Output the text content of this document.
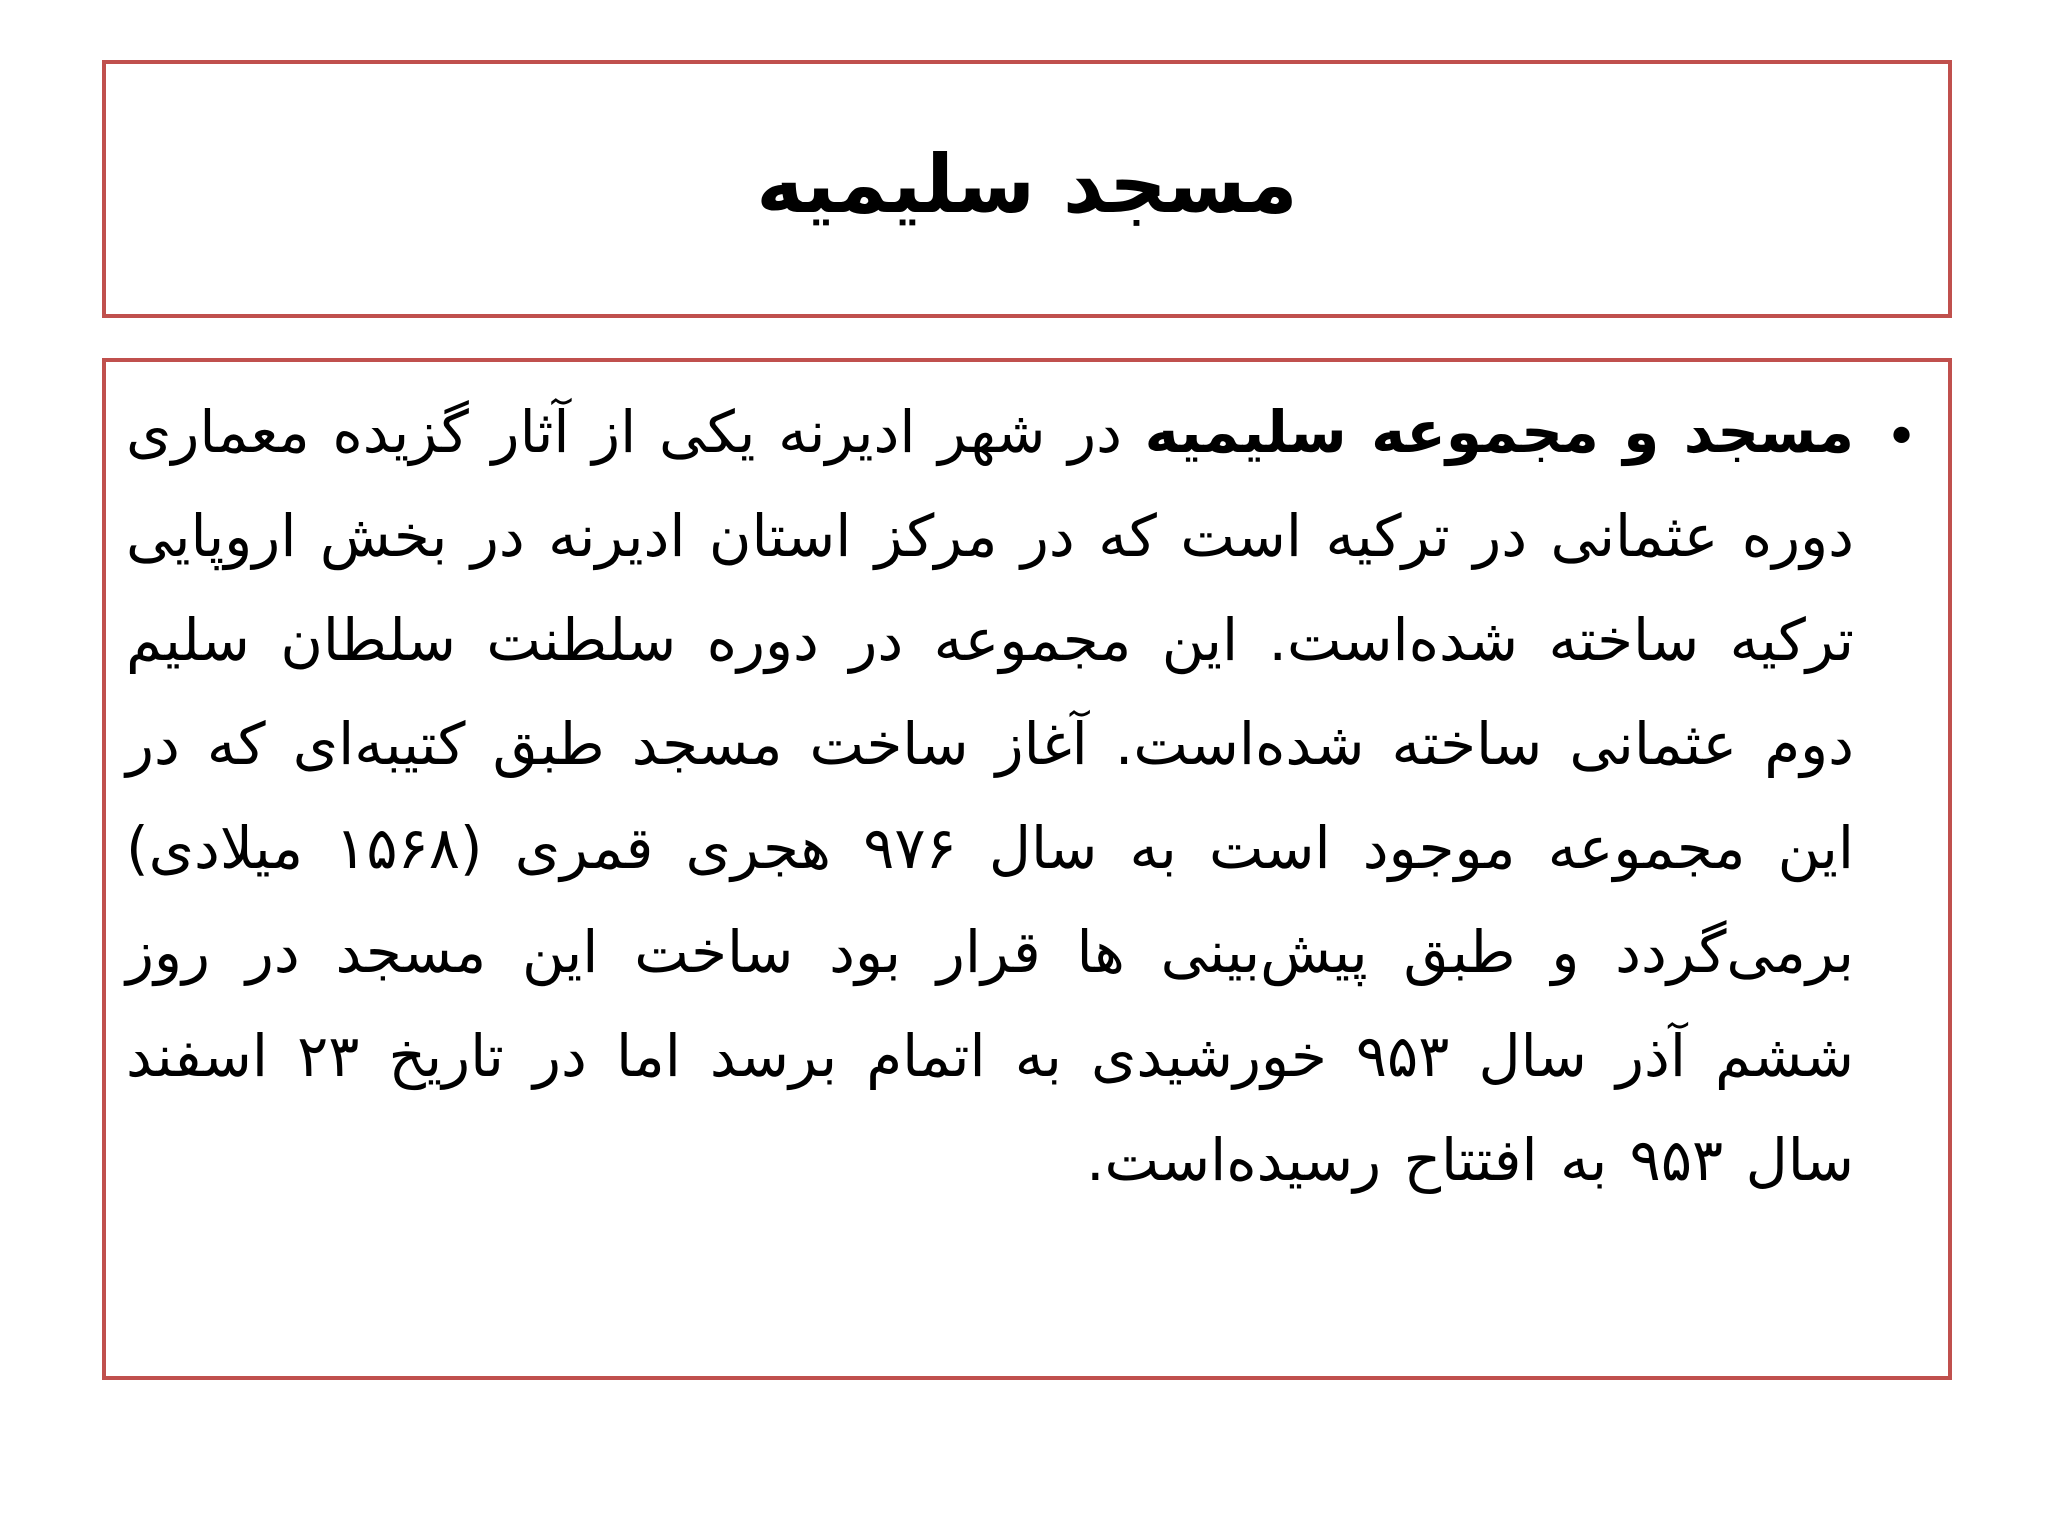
مسجد سلیمیه
•

مسجد و مجموعه سلیمیه در شهر ادیرنه یکی از آثار گزیده معماری دوره عثمانی در ترکیه است که در مرکز استان ادیرنه در بخش اروپایی ترکیه ساخته شده‌است. این مجموعه در دوره سلطنت سلطان سلیم دوم عثمانی ساخته شده‌است. آغاز ساخت مسجد طبق کتیبه‌ای که در این مجموعه موجود است به سال ۹۷۶ هجری قمری (۱۵۶۸ میلادی) برمی‌گردد و طبق پیش‌بینی ها قرار بود ساخت این مسجد در روز ششم آذر سال ۹۵۳ خورشیدی به اتمام برسد اما در تاریخ ۲۳ اسفند سال ۹۵۳ به افتتاح رسیده‌است.
